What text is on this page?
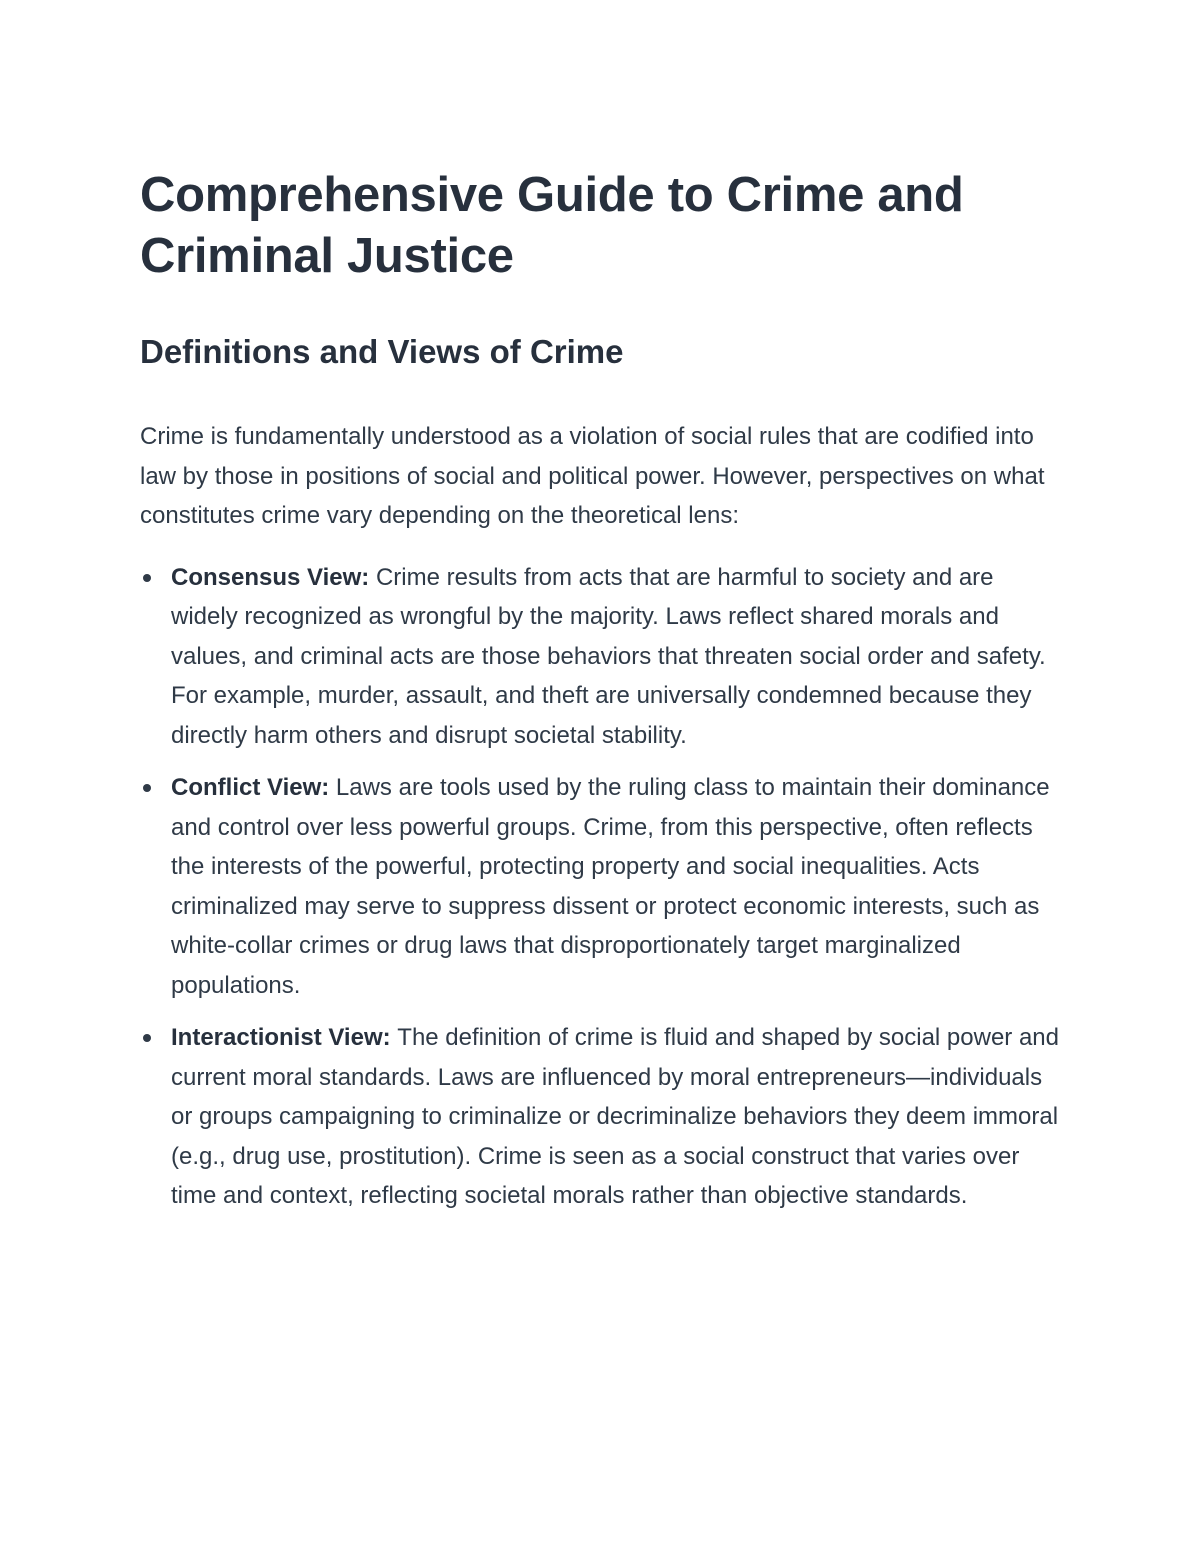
Comprehensive Guide to Crime and Criminal Justice
Definitions and Views of Crime

Crime is fundamentally understood as a violation of social rules that are codified into law by those in positions of social and political power. However, perspectives on what constitutes crime vary depending on the theoretical lens:

Consensus View: Crime results from acts that are harmful to society and are widely recognized as wrongful by the majority. Laws reflect shared morals and values, and criminal acts are those behaviors that threaten social order and safety. For example, murder, assault, and theft are universally condemned because they directly harm others and disrupt societal stability.
Conflict View: Laws are tools used by the ruling class to maintain their dominance and control over less powerful groups. Crime, from this perspective, often reflects the interests of the powerful, protecting property and social inequalities. Acts criminalized may serve to suppress dissent or protect economic interests, such as white-collar crimes or drug laws that disproportionately target marginalized populations.
Interactionist View: The definition of crime is fluid and shaped by social power and current moral standards. Laws are influenced by moral entrepreneurs—individuals or groups campaigning to criminalize or decriminalize behaviors they deem immoral (e.g., drug use, prostitution). Crime is seen as a social construct that varies over time and context, reflecting societal morals rather than objective standards.
